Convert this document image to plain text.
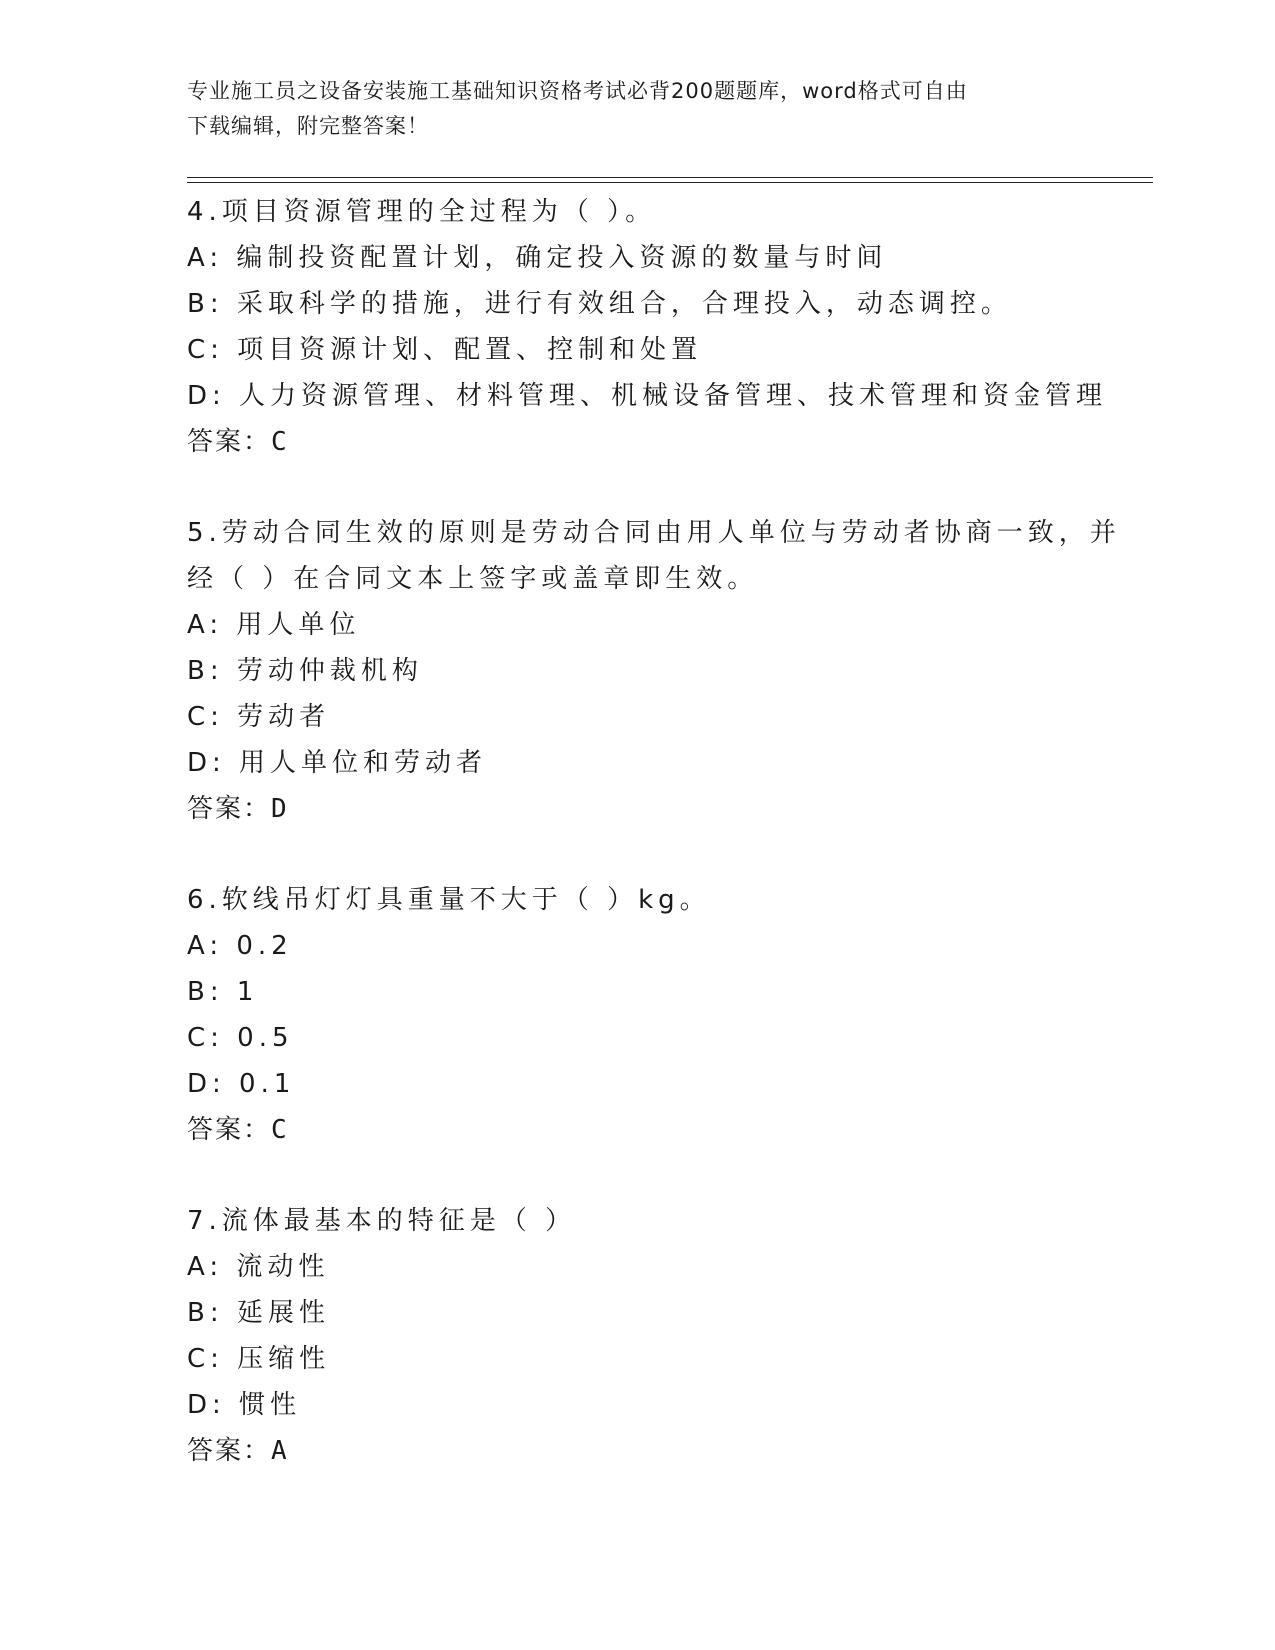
专业施工员之设备安装施工基础知识资格考试必背200题题库，word格式可自由
下载编辑，附完整答案！
4.项目资源管理的全过程为（ ）。
A: 编制投资配置计划，确定投入资源的数量与时间
B: 采取科学的措施，进行有效组合，合理投入，动态调控。
C: 项目资源计划、配置、控制和处置
D: 人力资源管理、材料管理、机械设备管理、技术管理和资金管理
答案：C
5.劳动合同生效的原则是劳动合同由用人单位与劳动者协商一致，并
经（ ）在合同文本上签字或盖章即生效。
A: 用人单位
B: 劳动仲裁机构
C: 劳动者
D: 用人单位和劳动者
答案：D
6.软线吊灯灯具重量不大于（ ）kg。
A: 0.2
B: 1
C: 0.5
D: 0.1
答案：C
7.流体最基本的特征是（ ）
A: 流动性
B: 延展性
C: 压缩性
D: 惯性
答案：A
